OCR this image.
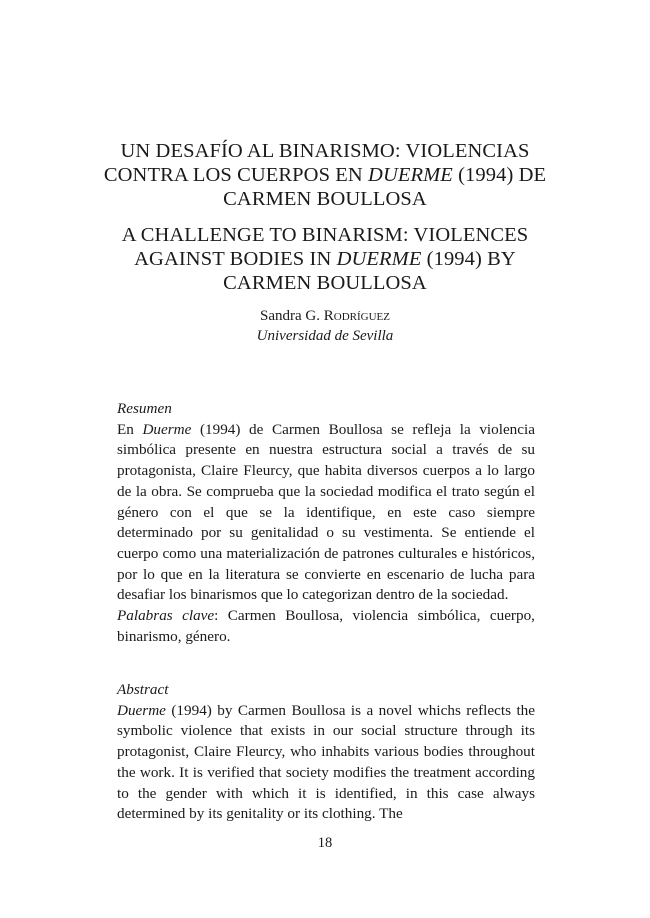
UN DESAFÍO AL BINARISMO: VIOLENCIAS
CONTRA LOS CUERPOS EN DUERME (1994) DE
CARMEN BOULLOSA
A CHALLENGE TO BINARISM: VIOLENCES
AGAINST BODIES IN DUERME (1994) BY
CARMEN BOULLOSA
Sandra G. Rodríguez
Universidad de Sevilla
Resumen
En Duerme (1994) de Carmen Boullosa se refleja la violencia simbólica presente en nuestra estructura social a través de su protagonista, Claire Fleurcy, que habita diversos cuerpos a lo largo de la obra. Se comprueba que la sociedad modifica el trato según el género con el que se la identifique, en este caso siempre determinado por su genitalidad o su vestimenta. Se entiende el cuerpo como una materialización de patrones culturales e históricos, por lo que en la literatura se convierte en escenario de lucha para desafiar los binarismos que lo categorizan dentro de la sociedad.
Palabras clave: Carmen Boullosa, violencia simbólica, cuerpo, binarismo, género.
Abstract
Duerme (1994) by Carmen Boullosa is a novel whichs reflects the symbolic violence that exists in our social structure through its protagonist, Claire Fleurcy, who inhabits various bodies throughout the work. It is verified that society modifies the treatment according to the gender with which it is identified, in this case always determined by its genitality or its clothing. The
18
